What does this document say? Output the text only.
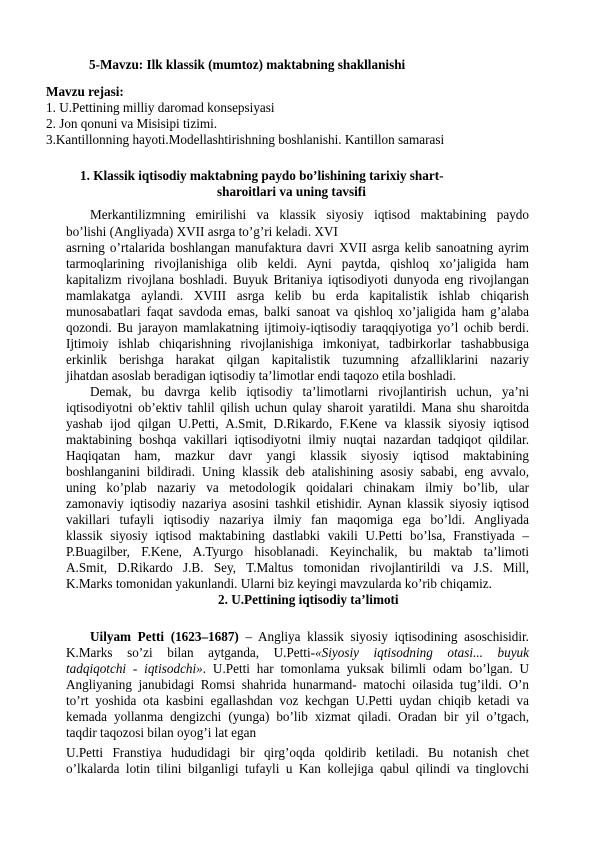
5-Mavzu: Ilk klassik (mumtoz) maktabning shakllanishi
Mavzu rejasi:
1. U.Pettining milliy daromad konsepsiyasi
2. Jon qonuni va Misisipi tizimi.
3.Kantillonning hayoti.Modellashtirishning boshlanishi. Kantillon samarasi
1. Klassik iqtisodiy maktabning paydo bo’lishining tarixiy shart-
sharoitlari va uning tavsifi
Merkantilizmning emirilishi va klassik siyosiy iqtisod maktabining paydo
bo’lishi (Angliyada) XVII asrga to’g’ri keladi. XVI
asrning o’rtalarida boshlangan manufaktura davri XVII asrga kelib sanoatning ayrim
tarmoqlarining rivojlanishiga olib keldi. Ayni paytda, qishloq xo’jaligida ham
kapitalizm rivojlana boshladi. Buyuk Britaniya iqtisodiyoti dunyoda eng rivojlangan
mamlakatga aylandi. XVIII asrga kelib bu erda kapitalistik ishlab chiqarish
munosabatlari faqat savdoda emas, balki sanoat va qishloq xo’jaligida ham g’alaba
qozondi. Bu jarayon mamlakatning ijtimoiy-iqtisodiy taraqqiyotiga yo’l ochib berdi.
Ijtimoiy ishlab chiqarishning rivojlanishiga imkoniyat, tadbirkorlar tashabbusiga
erkinlik berishga harakat qilgan kapitalistik tuzumning afzalliklarini nazariy
jihatdan asoslab beradigan iqtisodiy ta’limotlar endi taqozo etila boshladi.
Demak, bu davrga kelib iqtisodiy ta’limotlarni rivojlantirish uchun, ya’ni
iqtisodiyotni ob’ektiv tahlil qilish uchun qulay sharoit yaratildi. Mana shu sharoitda
yashab ijod qilgan U.Petti, A.Smit, D.Rikardo, F.Kene va klassik siyosiy iqtisod
maktabining boshqa vakillari iqtisodiyotni ilmiy nuqtai nazardan tadqiqot qildilar.
Haqiqatan ham, mazkur davr yangi klassik siyosiy iqtisod maktabining
boshlanganini bildiradi. Uning klassik deb atalishining asosiy sababi, eng avvalo,
uning ko’plab nazariy va metodologik qoidalari chinakam ilmiy bo’lib, ular
zamonaviy iqtisodiy nazariya asosini tashkil etishidir. Aynan klassik siyosiy iqtisod
vakillari tufayli iqtisodiy nazariya ilmiy fan maqomiga ega bo’ldi. Angliyada
klassik siyosiy iqtisod maktabining dastlabki vakili U.Petti bo’lsa, Franstiyada –
P.Buagilber, F.Kene, A.Tyurgo hisoblanadi. Keyinchalik, bu maktab ta’limoti
A.Smit, D.Rikardo J.B. Sey, T.Maltus tomonidan rivojlantirildi va J.S. Mill,
K.Marks tomonidan yakunlandi. Ularni biz keyingi mavzularda ko’rib chiqamiz.
2. U.Pettining iqtisodiy ta’limoti
Uilyam Petti (1623–1687) – Angliya klassik siyosiy iqtisodining asoschisidir.
K.Marks so’zi bilan aytganda, U.Petti-«Siyosiy iqtisodning otasi... buyuk
tadqiqotchi - iqtisodchi». U.Petti har tomonlama yuksak bilimli odam bo’lgan. U
Angliyaning janubidagi Romsi shahrida hunarmand- matochi oilasida tug’ildi. O’n
to’rt yoshida ota kasbini egallashdan voz kechgan U.Petti uydan chiqib ketadi va
kemada yollanma dengizchi (yunga) bo’lib xizmat qiladi. Oradan bir yil o’tgach,
taqdir taqozosi bilan oyog’i lat egan
U.Petti Franstiya hududidagi bir qirg’oqda qoldirib ketiladi. Bu notanish chet
o’lkalarda lotin tilini bilganligi tufayli u Kan kollejiga qabul qilindi va tinglovchi
